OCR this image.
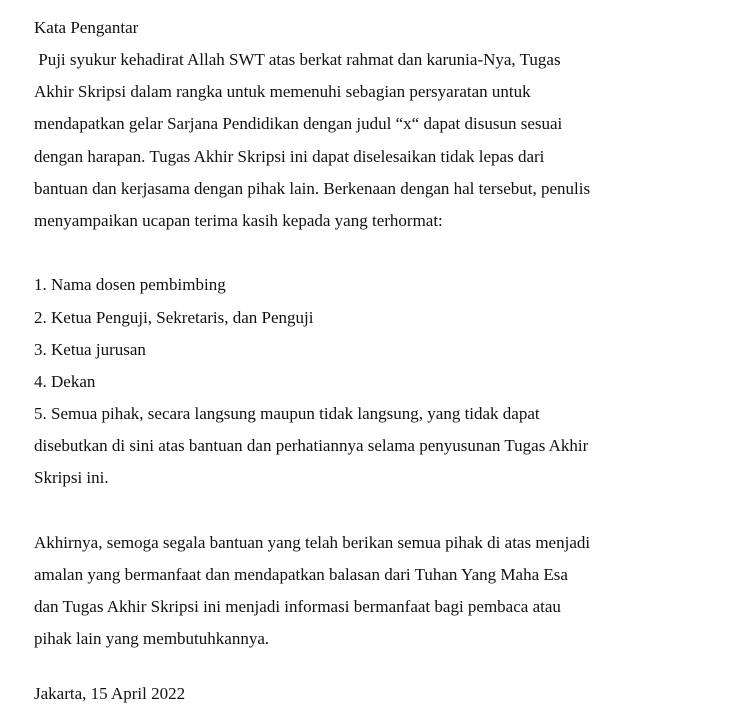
Kata Pengantar
Puji syukur kehadirat Allah SWT atas berkat rahmat dan karunia-Nya, Tugas
Akhir Skripsi dalam rangka untuk memenuhi sebagian persyaratan untuk
mendapatkan gelar Sarjana Pendidikan dengan judul “x“ dapat disusun sesuai
dengan harapan. Tugas Akhir Skripsi ini dapat diselesaikan tidak lepas dari
bantuan dan kerjasama dengan pihak lain. Berkenaan dengan hal tersebut, penulis
menyampaikan ucapan terima kasih kepada yang terhormat:
1. Nama dosen pembimbing
2. Ketua Penguji, Sekretaris, dan Penguji
3. Ketua jurusan
4. Dekan
5. Semua pihak, secara langsung maupun tidak langsung, yang tidak dapat
disebutkan di sini atas bantuan dan perhatiannya selama penyusunan Tugas Akhir
Skripsi ini.
Akhirnya, semoga segala bantuan yang telah berikan semua pihak di atas menjadi
amalan yang bermanfaat dan mendapatkan balasan dari Tuhan Yang Maha Esa
dan Tugas Akhir Skripsi ini menjadi informasi bermanfaat bagi pembaca atau
pihak lain yang membutuhkannya.
Jakarta, 15 April 2022
